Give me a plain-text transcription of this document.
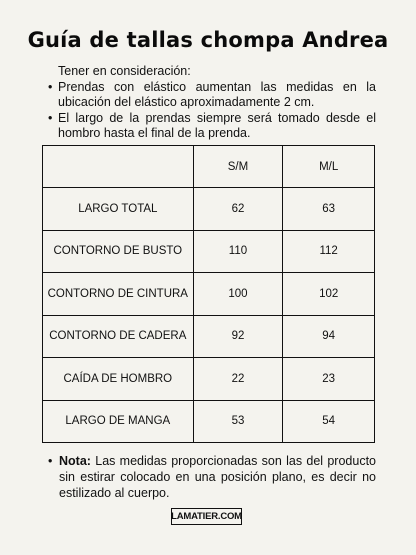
Guía de tallas chompa Andrea
Tener en consideración:
• Prendas con elástico aumentan las medidas en la ubicación del elástico aproximadamente 2 cm.
• El largo de la prendas siempre será tomado desde el hombro hasta el final de la prenda.
	S/M	M/L
LARGO TOTAL	62	63
CONTORNO DE BUSTO	110	112
CONTORNO DE CINTURA	100	102
CONTORNO DE CADERA	92	94
CAÍDA DE HOMBRO	22	23
LARGO DE MANGA	53	54
• Nota: Las medidas proporcionadas son las del producto sin estirar colocado en una posición plano, es decir no estilizado al cuerpo.
LAMATIER.COM
